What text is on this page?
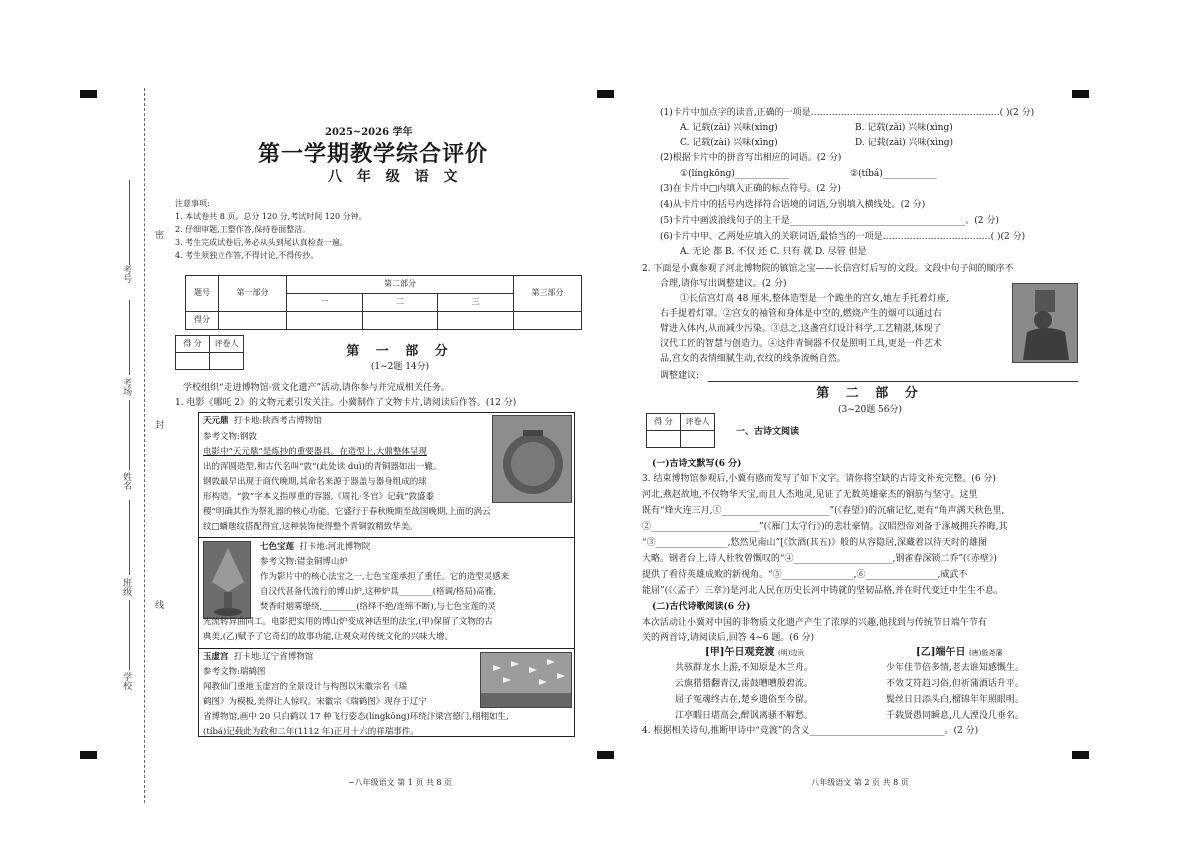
密
封
线
考号
考场
姓名
班级
学校
2025~2026 学年
第一学期教学综合评价
八 年 级 语 文
注意事项:
1. 本试卷共 8 页。总分 120 分,考试时间 120 分钟。
2. 仔细审题,工整作答,保持卷面整洁。
3. 考生完成试卷后,务必从头到尾认真检查一遍。
4. 考生须独立作答,不得讨论,不得传抄。
题号	第一部分	第二部分			第三部分
		一	二	三	
得分					
得 分	评卷人

第 一 部 分
(1~2题 14分)

学校组织“走进博物馆·赏文化遗产”活动,请你参与并完成相关任务。

1. 电影《哪吒 2》的文物元素引发关注。小冀制作了文物卡片,请阅读后作答。(12 分)

天元鼎 打卡地:陕西考古博物馆
参考文物:钢敦
电影中“天元鼎”是炼抄的重要器具。在造型上,大鼎整体呈现
出的浑圆造型,和古代名叫“敦”(此处读 duì)的青铜器如出一辙。
钢敦最早出现于商代晚期,其命名来源于器盖与器身组成的球
形构造。“敦”字本义指厚重的容器,《周礼·冬官》记载“敦盛黍
稷”明确其作为祭礼器的核心功能。它盛行于春秋晚期至战国晚期,上面的涡云
纹□蟠虺纹搭配得宜,这种装饰使得整个青铜敦精致华美。
七色宝莲 打卡地:河北博物院
参考文物:错金铜博山炉
作为影片中的核心法宝之一,七色宝莲承担了重任。它的造型灵感来
自汉代甚备代流行的博山炉,这种炉具________(格调/格局)高雅,
焚香时烟雾缭绕,________(络绎不绝/连绵不断),与七色宝莲的灵
光流转异曲同工。电影把实用的博山炉变成神话里的法宝,(甲)保留了文物的古
典美,(乙)赋予了它奇幻的故事功能,让观众对传统文化的兴味大增。
玉虚宫 打卡地:辽宁省博物馆
参考文物:瑞鹤图
闻教仙门重地玉虚宫的全景设计与构图以宋徽宗名《瑞
鹤图》为模板,美得让人惊叹。宋徽宗《瑞鹤图》现存于辽宁
省博物馆,画中 20 只白鹤以 17 种飞行姿态(língkōng)环绕汴梁宫德门,栩栩如生,
(tíbá)记载此为政和二年(1112 年)正月十六的祥瑞事件。
~八年级语文 第 1 页 共 8 页

(1)卡片中加点字的读音,正确的一项是………………………………………………………( )(2 分)

A. 记载(zǎi) 兴味(xìng)	B. 记载(zǎi) 兴味(xìng)

C. 记载(zài) 兴味(xīng)	D. 记载(zài) 兴味(xìng)

(2)根据卡片中的拼音写出相应的词语。(2 分)

①(língkōng)____________	②(tíbá)____________

(3)在卡片中□内填入正确的标点符号。(2 分)

(4)从卡片中的括号内选择符合语境的词语,分别填入横线处。(2 分)

(5)卡片中画波浪线句子的主干是_______________________________________。(2 分)

(6)卡片中甲、乙两处应填入的关联词语,最恰当的一项是………………………………( )(2 分)

A. 无论 都 B. 不仅 还 C. 只有 就 D. 尽管 但是

2. 下面是小冀参观了河北博物院的镇馆之宝——长信宫灯后写的文段。文段中句子间的顺序不

合理,请你写出调整建议。(2 分)

①长信宫灯高 48 厘米,整体造型是一个跪坐的宫女,她左手托着灯座,

右手提着灯罩。②宫女的袖管和身体是中空的,燃烧产生的烟可以通过右

臂进入体内,从而减少污染。③总之,这盏宫灯设计科学,工艺精湛,体现了

汉代工匠的智慧与创造力。④这件青铜器不仅是照明工具,更是一件艺术

品,宫女的表情细腻生动,衣纹的线条流畅自然。

调整建议:

第 二 部 分
(3~20题 56分)
得 分	评卷人

一、古诗文阅读

(一)古诗文默写(6 分)

3. 结束博物馆参观后,小冀有感而发写了如下文字。请你将空缺的古诗文补充完整。(6 分)

河北,燕赵故地,不仅物华天宝,而且人杰地灵,见证了无数英雄豪杰的铜筋与坚守。这里

既有“烽火连三月,①________________________”(《春望》)的沉痛记忆,更有“角声满天秋色里,

②________________________”(《雁门太守行》)的悲壮豪情。汉昭烈帝刘备于涿城拥兵养晦,其

“③________________,悠然见南山”[《饮酒(其五)》般的从容隐居,深藏着以待天时的雄图

大略。钢者台上,诗人杜牧曾慨叹的“④______________________,钢雀春深锁二乔”(《赤壁》)

提供了看待英雄成败的新视角。“⑤________________,⑥________________,威武不

能屈”(《〈孟子〉三章》)是河北人民在历史长河中铸就的坚韧品格,并在时代变迁中生生不息。

(二)古代诗歌阅读(6 分)

本次活动让小冀对中国的非物质文化遗产产生了浓厚的兴趣,他找到与传统节日端午节有

关的两首诗,请阅读后,回答 4~6 题。(6 分)

[甲]午日观竞渡 (明)边贡
共骇群龙水上游,不知原是木兰舟。
云旗猎猎翻青汉,雷鼓嘈嘈殷碧流。
屈子冤魂终古在,楚乡遗俗至今留。
江亭暇日堪高会,醉讽离骚不解愁。
[乙]端午日 (唐)殷尧藩
少年佳节倍多情,老去谁知感慨生。
不效艾符趋习俗,但祈蒲酒话升平。
鬓丝日日添头白,榴锦年年照眼明。
千载贤愚同瞬息,几人湮没几垂名。

4. 根据相关诗句,推断甲诗中“竞渡”的含义______________________________。(2 分)

八年级语文 第 2 页 共 8 页
